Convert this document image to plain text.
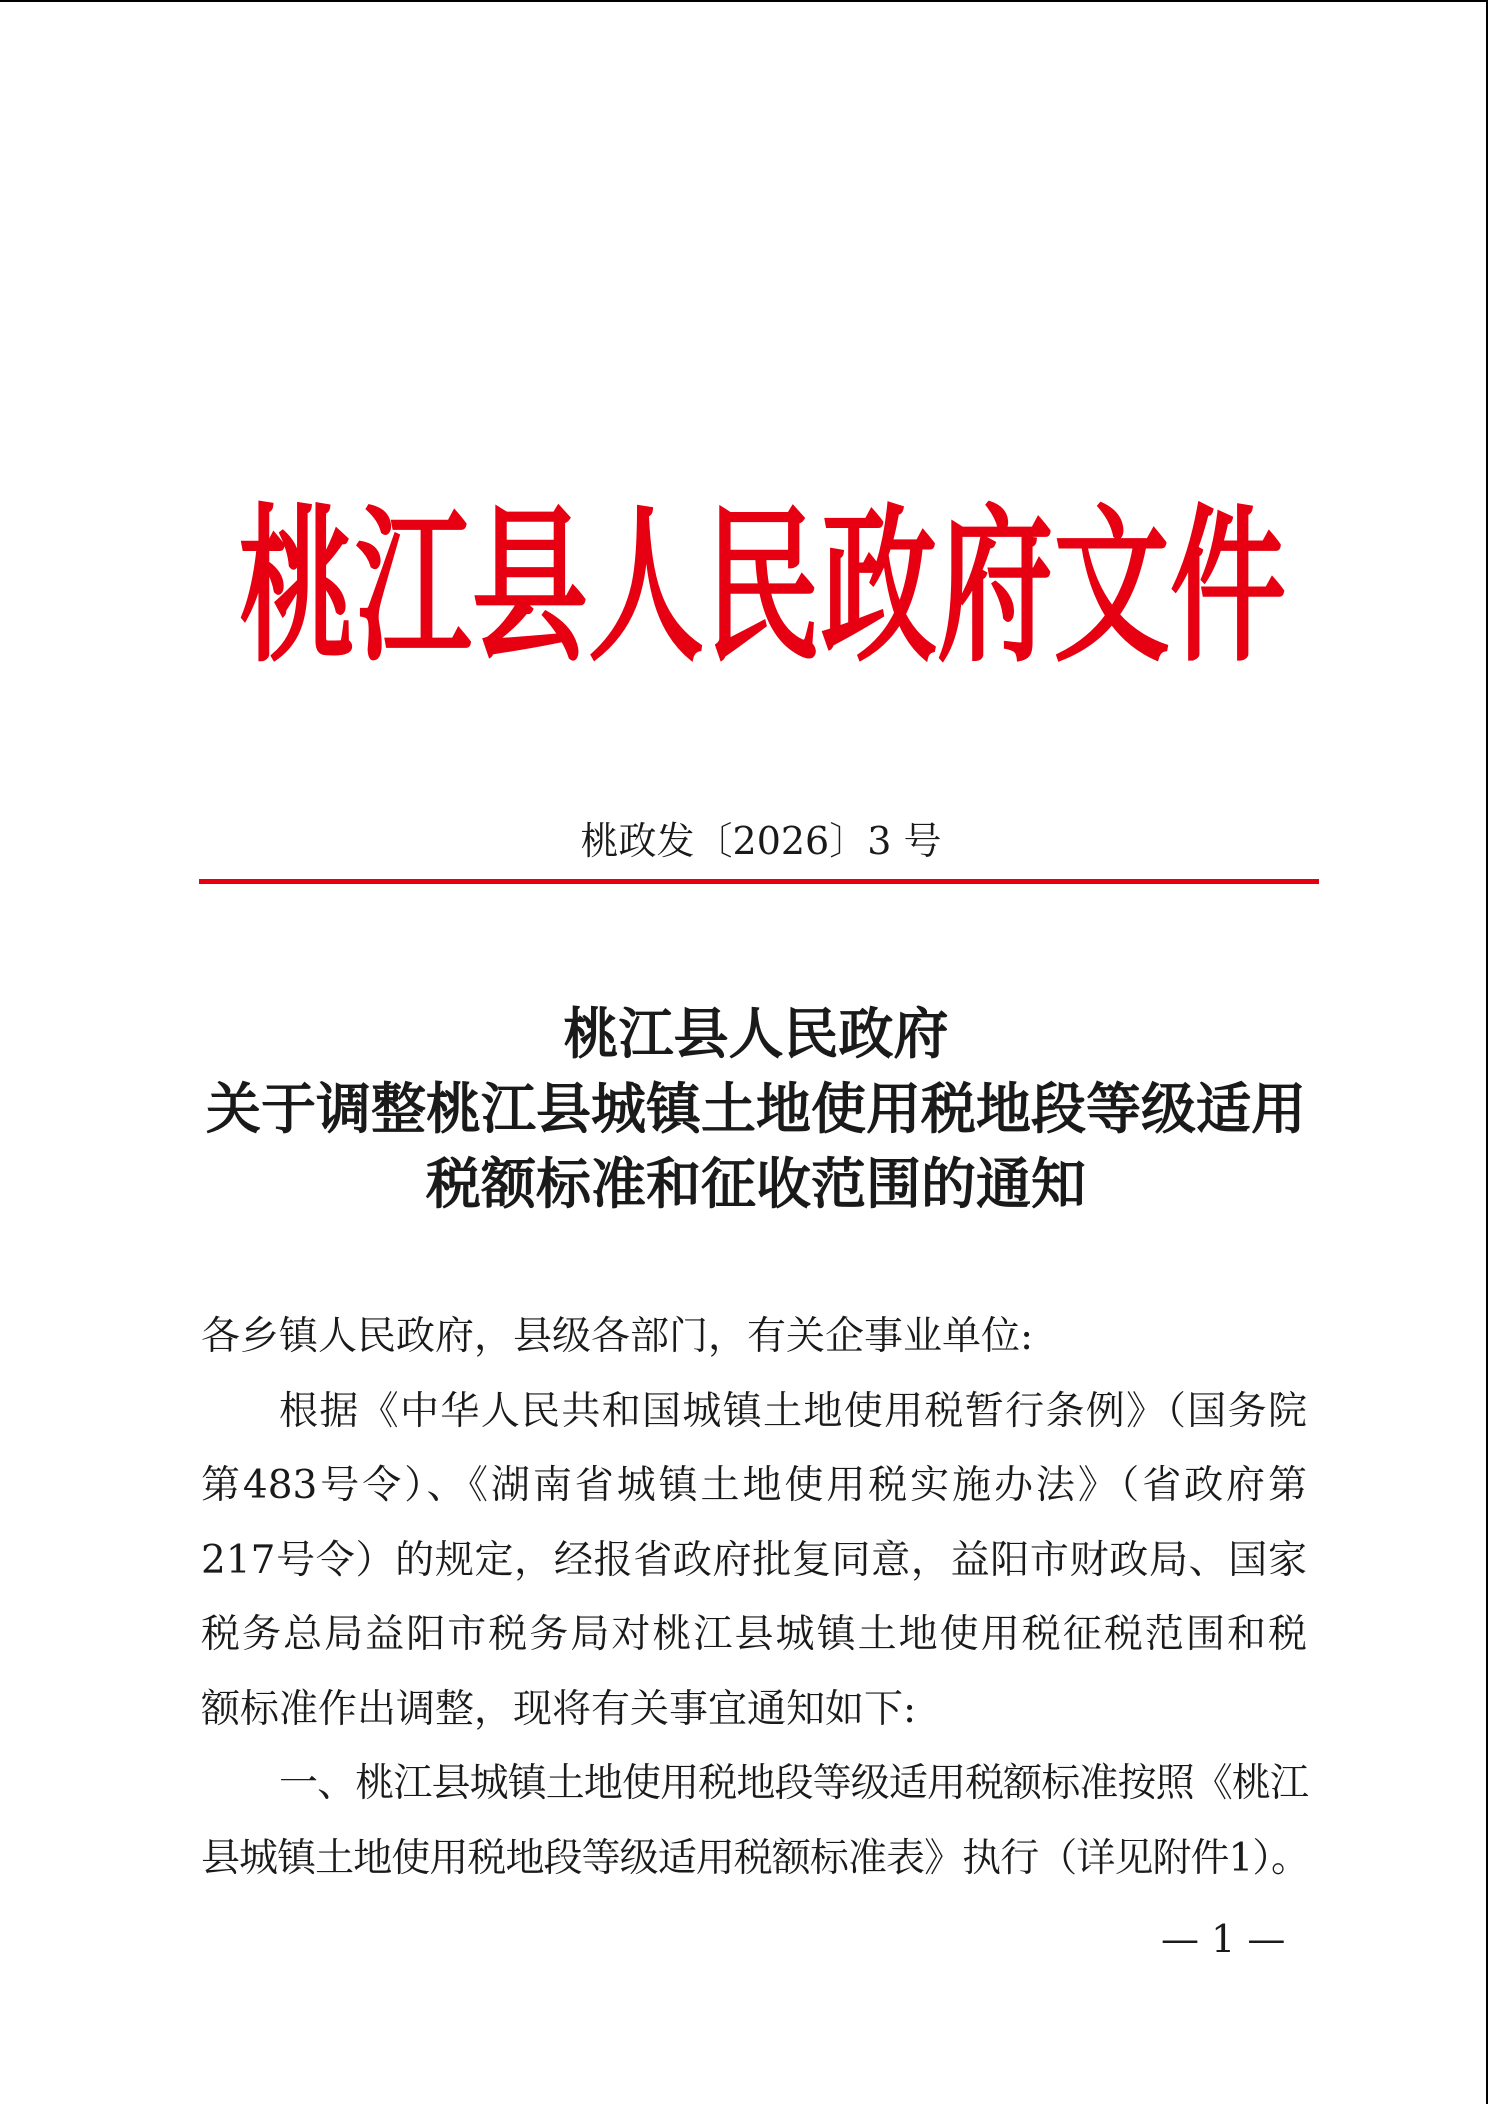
桃江县人民政府文件
桃政发〔2026〕3 号
桃江县人民政府
关于调整桃江县城镇土地使用税地段等级适用
税额标准和征收范围的通知
各乡镇人民政府，县级各部门，有关企事业单位:
根据《中华人民共和国城镇土地使用税暂行条例》（国务院
第483号令）、《湖南省城镇土地使用税实施办法》（省政府第
217号令）的规定，经报省政府批复同意，益阳市财政局、国家
税务总局益阳市税务局对桃江县城镇土地使用税征税范围和税
额标准作出调整，现将有关事宜通知如下:
一、桃江县城镇土地使用税地段等级适用税额标准按照《桃江
县城镇土地使用税地段等级适用税额标准表》执行（详见附件1）。
— 1 —
